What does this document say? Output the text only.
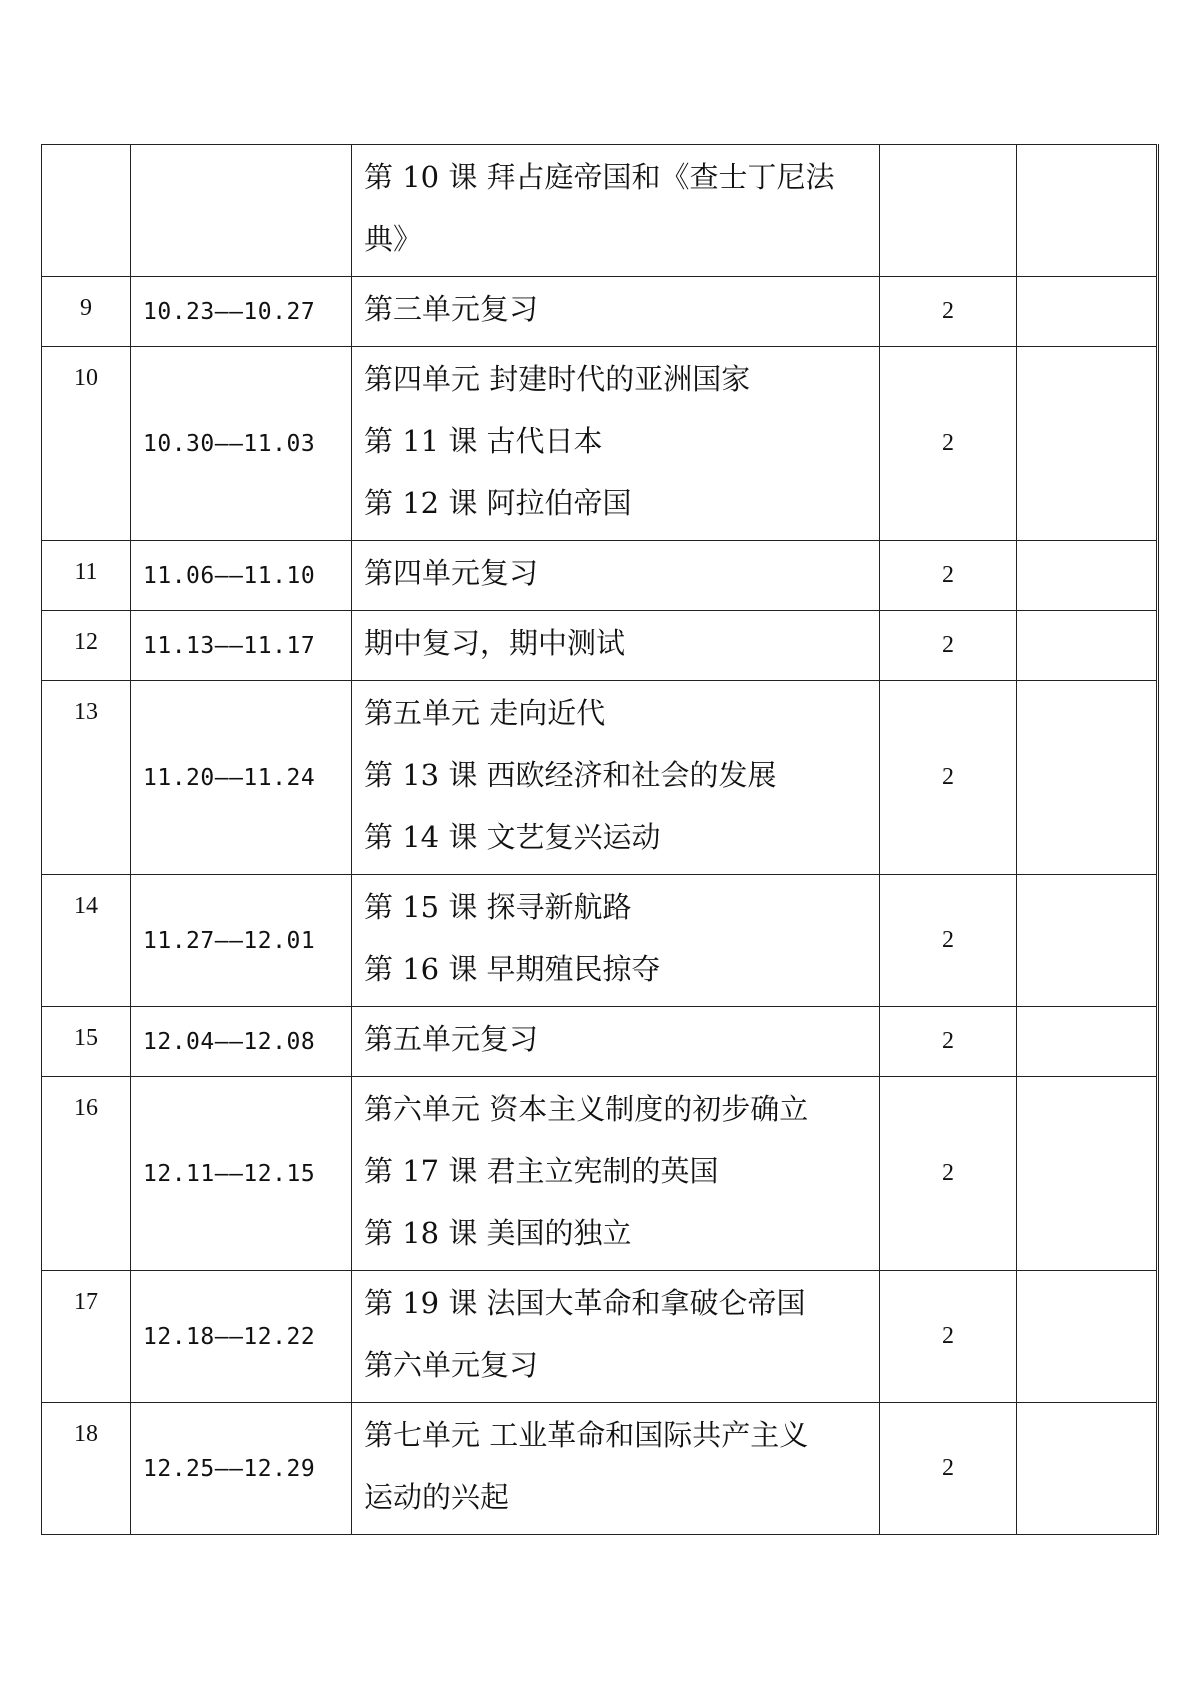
		第 10 课 拜占庭帝国和《查士丁尼法
典》		

9	10.23——10.27	第三单元复习	2	
10	10.30——11.03	第四单元 封建时代的亚洲国家
第 11 课 古代日本
第 12 课 阿拉伯帝国	2	
11	11.06——11.10	第四单元复习	2	
12	11.13——11.17	期中复习，期中测试	2	
13	11.20——11.24	第五单元 走向近代
第 13 课 西欧经济和社会的发展
第 14 课 文艺复兴运动	2	
14	11.27——12.01	第 15 课 探寻新航路
第 16 课 早期殖民掠夺	2	
15	12.04——12.08	第五单元复习	2	
16	12.11——12.15	第六单元 资本主义制度的初步确立
第 17 课 君主立宪制的英国
第 18 课 美国的独立	2	
17	12.18——12.22	第 19 课 法国大革命和拿破仑帝国
第六单元复习	2	
18	12.25——12.29	第七单元 工业革命和国际共产主义
运动的兴起	2	
